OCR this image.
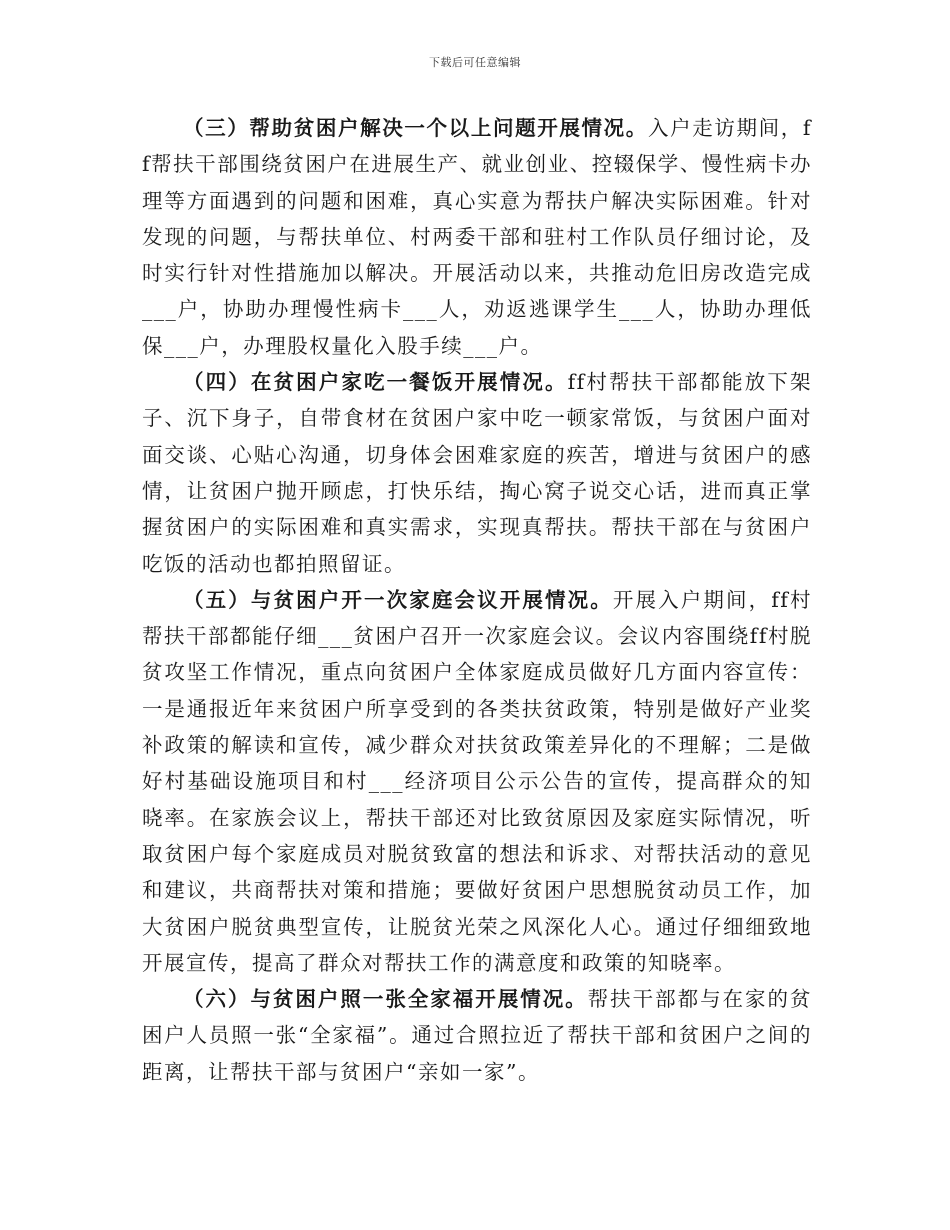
下载后可任意编辑

（三）帮助贫困户解决一个以上问题开展情况。入户走访期间，ff帮扶干部围绕贫困户在进展生产、就业创业、控辍保学、慢性病卡办理等方面遇到的问题和困难，真心实意为帮扶户解决实际困难。针对发现的问题，与帮扶单位、村两委干部和驻村工作队员仔细讨论，及时实行针对性措施加以解决。开展活动以来，共推动危旧房改造完成___户，协助办理慢性病卡___人，劝返逃课学生___人，协助办理低保___户，办理股权量化入股手续___户。

（四）在贫困户家吃一餐饭开展情况。ff村帮扶干部都能放下架子、沉下身子，自带食材在贫困户家中吃一顿家常饭，与贫困户面对面交谈、心贴心沟通，切身体会困难家庭的疾苦，增进与贫困户的感情，让贫困户抛开顾虑，打快乐结，掏心窝子说交心话，进而真正掌握贫困户的实际困难和真实需求，实现真帮扶。帮扶干部在与贫困户吃饭的活动也都拍照留证。

（五）与贫困户开一次家庭会议开展情况。开展入户期间，ff村帮扶干部都能仔细___贫困户召开一次家庭会议。会议内容围绕ff村脱贫攻坚工作情况，重点向贫困户全体家庭成员做好几方面内容宣传：一是通报近年来贫困户所享受到的各类扶贫政策，特别是做好产业奖补政策的解读和宣传，减少群众对扶贫政策差异化的不理解；二是做好村基础设施项目和村___经济项目公示公告的宣传，提高群众的知晓率。在家族会议上，帮扶干部还对比致贫原因及家庭实际情况，听取贫困户每个家庭成员对脱贫致富的想法和诉求、对帮扶活动的意见和建议，共商帮扶对策和措施；要做好贫困户思想脱贫动员工作，加大贫困户脱贫典型宣传，让脱贫光荣之风深化人心。通过仔细细致地开展宣传，提高了群众对帮扶工作的满意度和政策的知晓率。

（六）与贫困户照一张全家福开展情况。帮扶干部都与在家的贫困户人员照一张“全家福”。通过合照拉近了帮扶干部和贫困户之间的距离，让帮扶干部与贫困户“亲如一家”。
